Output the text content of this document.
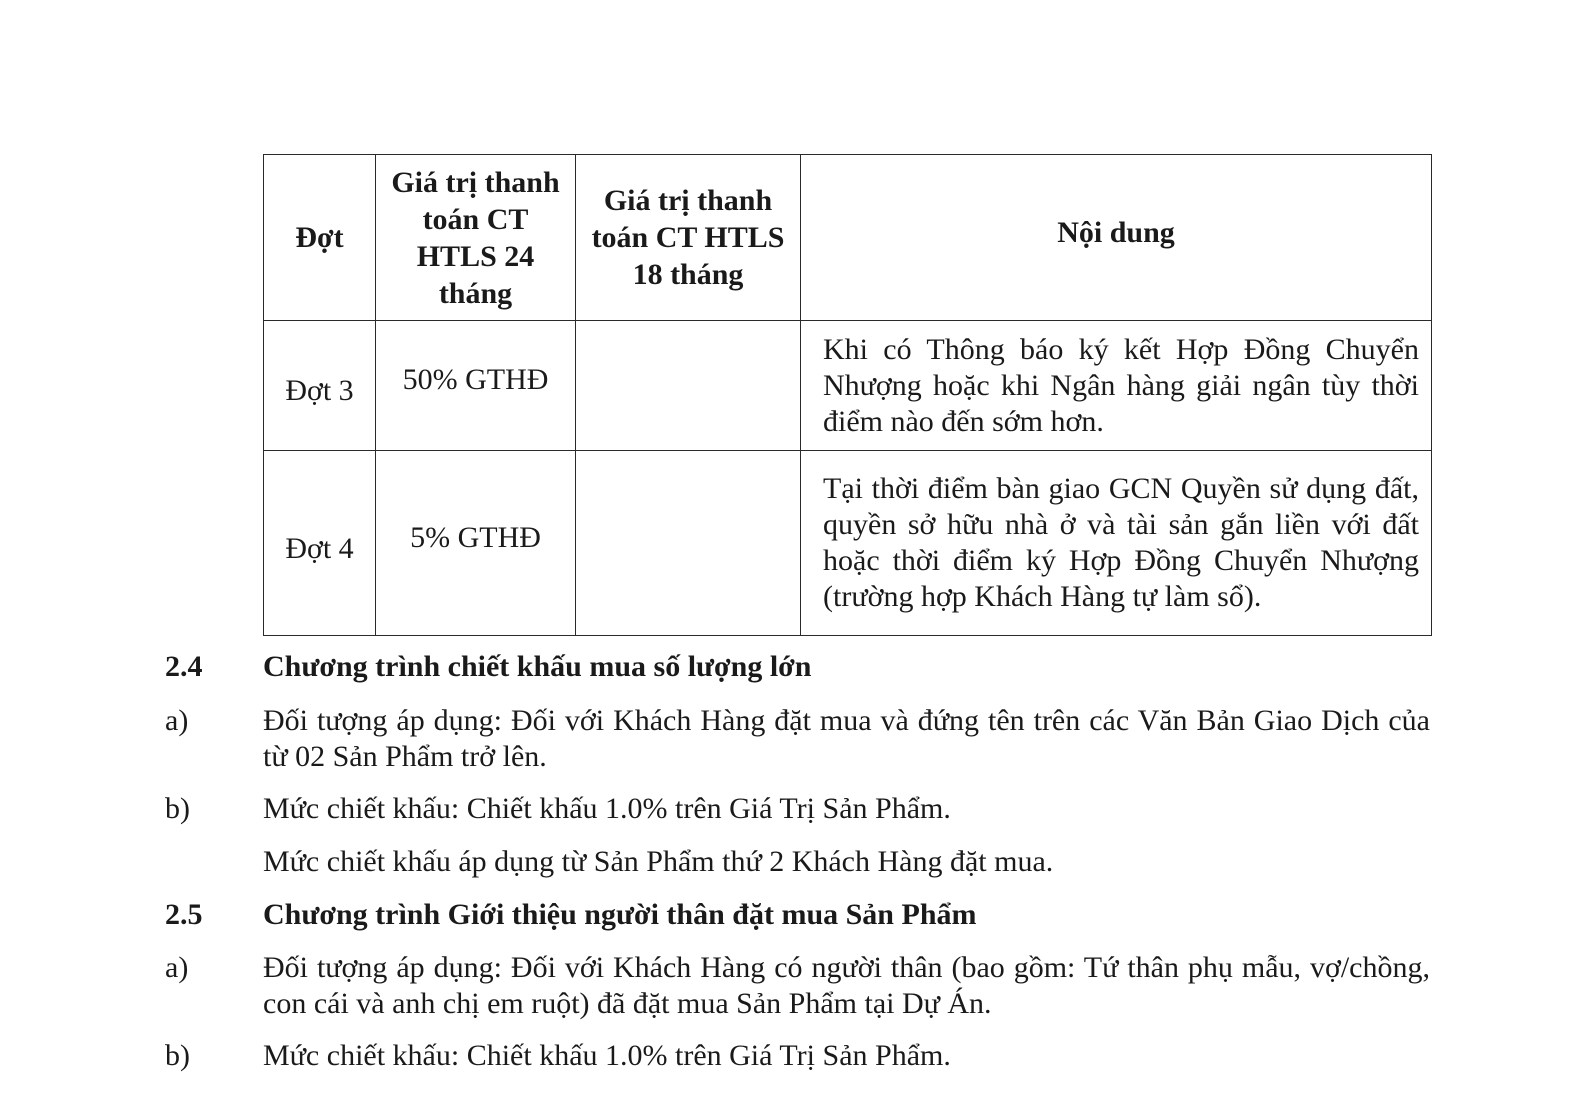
Đợt	Giá trị thanh toán CT HTLS 24 tháng	Giá trị thanh toán CT HTLS 18 tháng	Nội dung
Đợt 3	50% GTHĐ		Khi có Thông báo ký kết Hợp Đồng Chuyển Nhượng hoặc khi Ngân hàng giải ngân tùy thời điểm nào đến sớm hơn.
Đợt 4	5% GTHĐ		Tại thời điểm bàn giao GCN Quyền sử dụng đất, quyền sở hữu nhà ở và tài sản gắn liền với đất hoặc thời điểm ký Hợp Đồng Chuyển Nhượng (trường hợp Khách Hàng tự làm sổ).
2.4 Chương trình chiết khấu mua số lượng lớn
a) Đối tượng áp dụng: Đối với Khách Hàng đặt mua và đứng tên trên các Văn Bản Giao Dịch của từ 02 Sản Phẩm trở lên.
b) Mức chiết khấu: Chiết khấu 1.0% trên Giá Trị Sản Phẩm.
Mức chiết khấu áp dụng từ Sản Phẩm thứ 2 Khách Hàng đặt mua.
2.5 Chương trình Giới thiệu người thân đặt mua Sản Phẩm
a) Đối tượng áp dụng: Đối với Khách Hàng có người thân (bao gồm: Tứ thân phụ mẫu, vợ/chồng, con cái và anh chị em ruột) đã đặt mua Sản Phẩm tại Dự Án.
b) Mức chiết khấu: Chiết khấu 1.0% trên Giá Trị Sản Phẩm.
